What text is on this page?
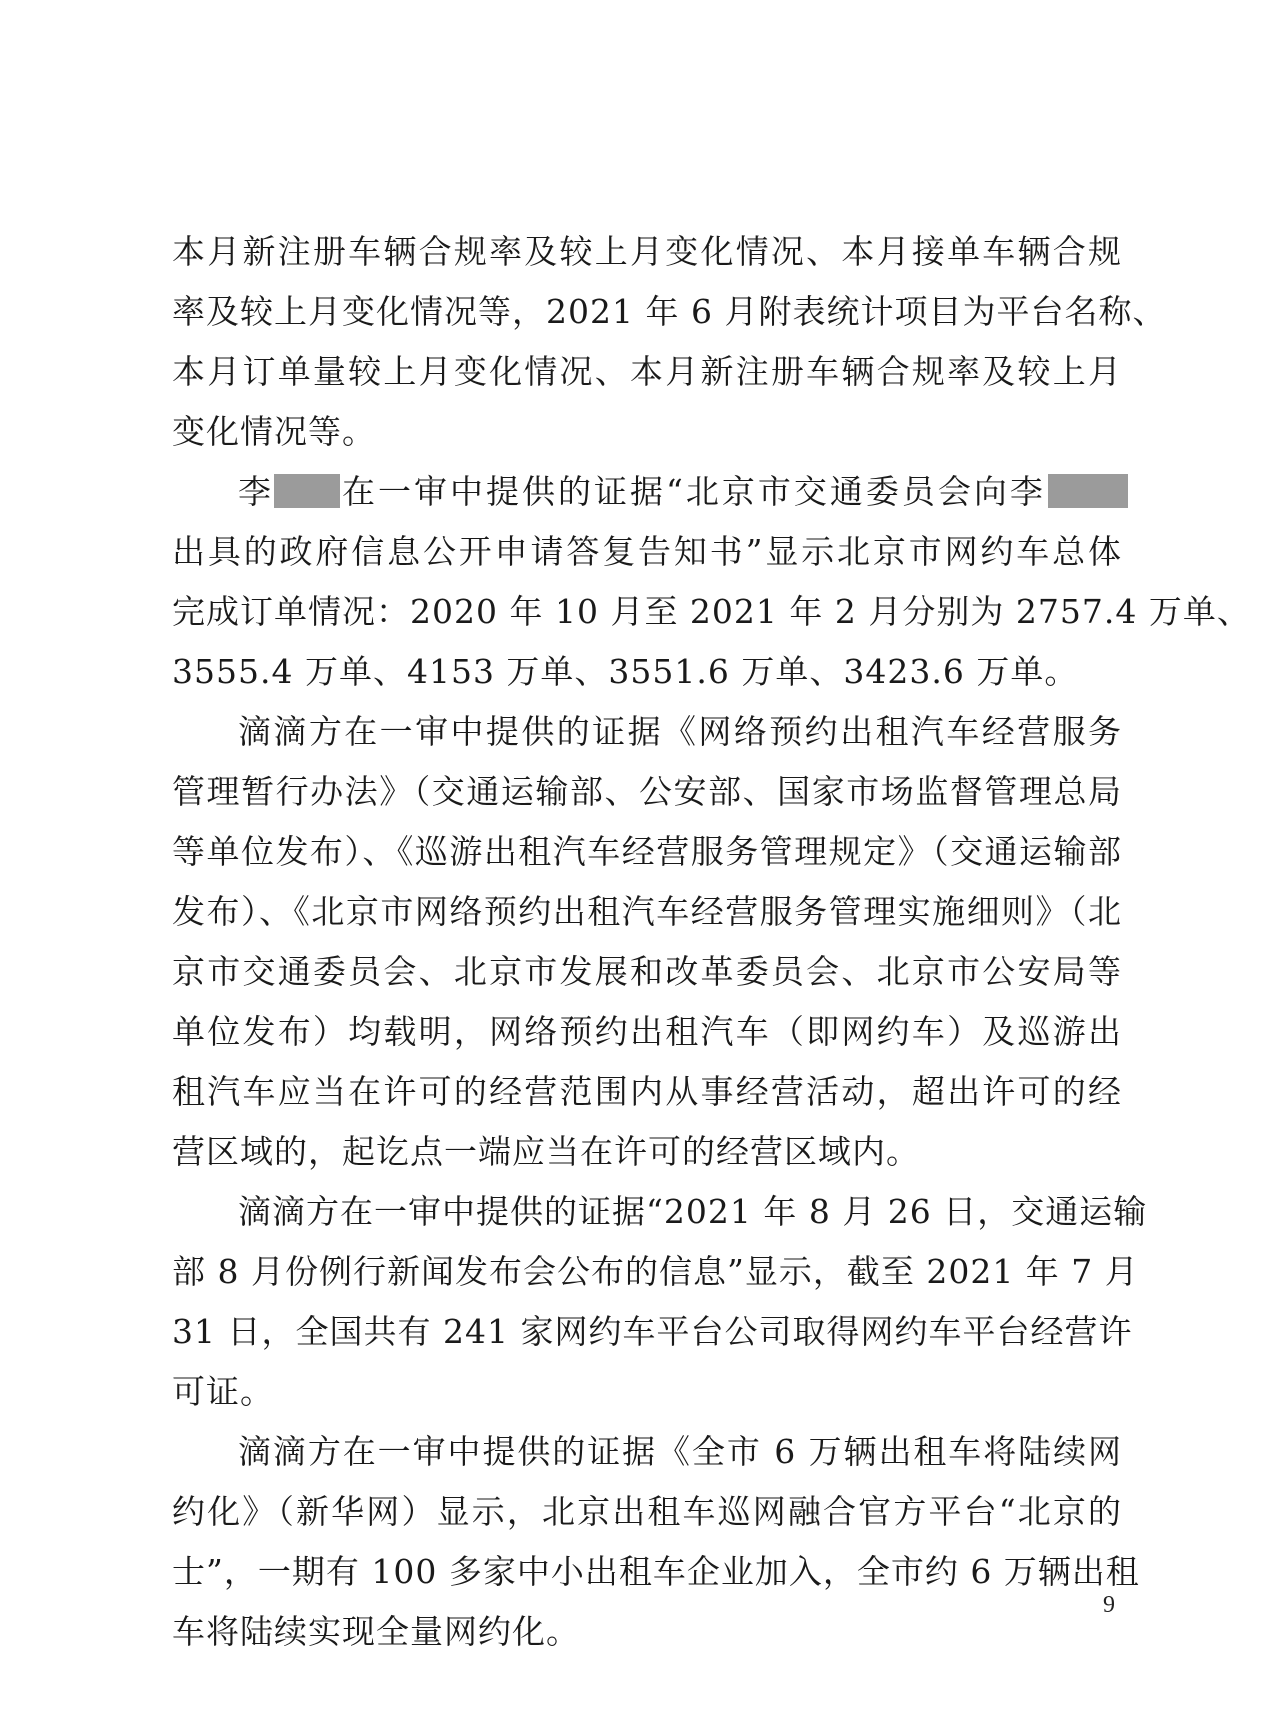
本月新注册车辆合规率及较上月变化情况、本月接单车辆合规
率及较上月变化情况等，2021 年 6 月附表统计项目为平台名称、
本月订单量较上月变化情况、本月新注册车辆合规率及较上月
变化情况等。
李 在一审中提供的证据“北京市交通委员会向李
出具的政府信息公开申请答复告知书”显示北京市网约车总体
完成订单情况：2020 年 10 月至 2021 年 2 月分别为 2757.4 万单、
3555.4 万单、4153 万单、3551.6 万单、3423.6 万单。
滴滴方在一审中提供的证据《网络预约出租汽车经营服务
管理暂行办法》（交通运输部、公安部、国家市场监督管理总局
等单位发布）、《巡游出租汽车经营服务管理规定》（交通运输部
发布）、《北京市网络预约出租汽车经营服务管理实施细则》（北
京市交通委员会、北京市发展和改革委员会、北京市公安局等
单位发布）均载明，网络预约出租汽车（即网约车）及巡游出
租汽车应当在许可的经营范围内从事经营活动，超出许可的经
营区域的，起讫点一端应当在许可的经营区域内。
滴滴方在一审中提供的证据“2021 年 8 月 26 日，交通运输
部 8 月份例行新闻发布会公布的信息”显示，截至 2021 年 7 月
31 日，全国共有 241 家网约车平台公司取得网约车平台经营许
可证。
滴滴方在一审中提供的证据《全市 6 万辆出租车将陆续网
约化》（新华网）显示，北京出租车巡网融合官方平台“北京的
士”，一期有 100 多家中小出租车企业加入，全市约 6 万辆出租
车将陆续实现全量网约化。
9
